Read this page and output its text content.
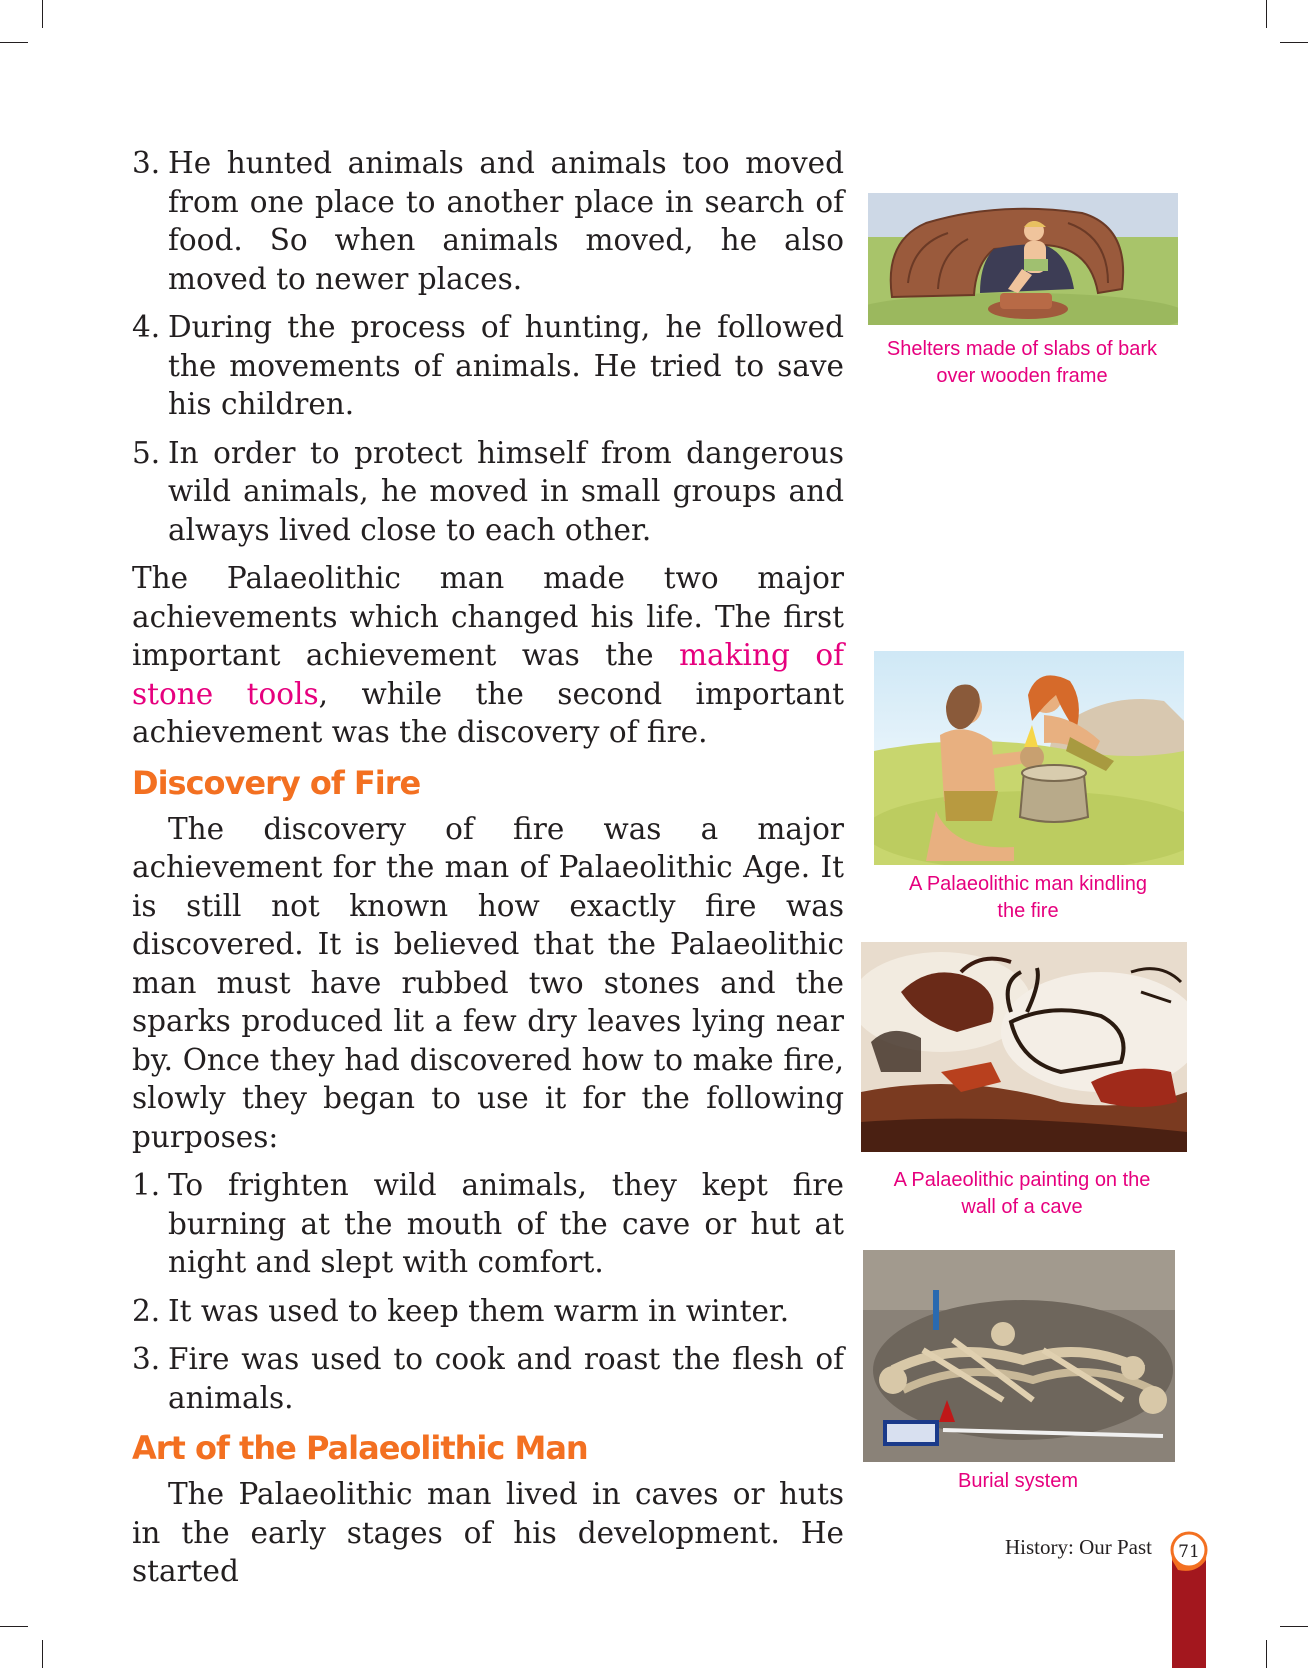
3. He hunted animals and animals too moved from one place to another place in search of food. So when animals moved, he also moved to newer places.
4. During the process of hunting, he followed the movements of animals. He tried to save his children.
5. In order to protect himself from dangerous wild animals, he moved in small groups and always lived close to each other.

The Palaeolithic man made two major achievements which changed his life. The first important achievement was the making of stone tools, while the second important achievement was the discovery of fire.

Discovery of Fire

The discovery of fire was a major achievement for the man of Palaeolithic Age. It is still not known how exactly fire was discovered. It is believed that the Palaeolithic man must have rubbed two stones and the sparks produced lit a few dry leaves lying near by. Once they had discovered how to make fire, slowly they began to use it for the following purposes:

1. To frighten wild animals, they kept fire burning at the mouth of the cave or hut at night and slept with comfort.
2. It was used to keep them warm in winter.
3. Fire was used to cook and roast the flesh of animals.
Art of the Palaeolithic Man

The Palaeolithic man lived in caves or huts in the early stages of his development. He started

Shelters made of slabs of bark
over wooden frame
A Palaeolithic man kindling
the fire
A Palaeolithic painting on the
wall of a cave
Burial system
History: Our Past	71
